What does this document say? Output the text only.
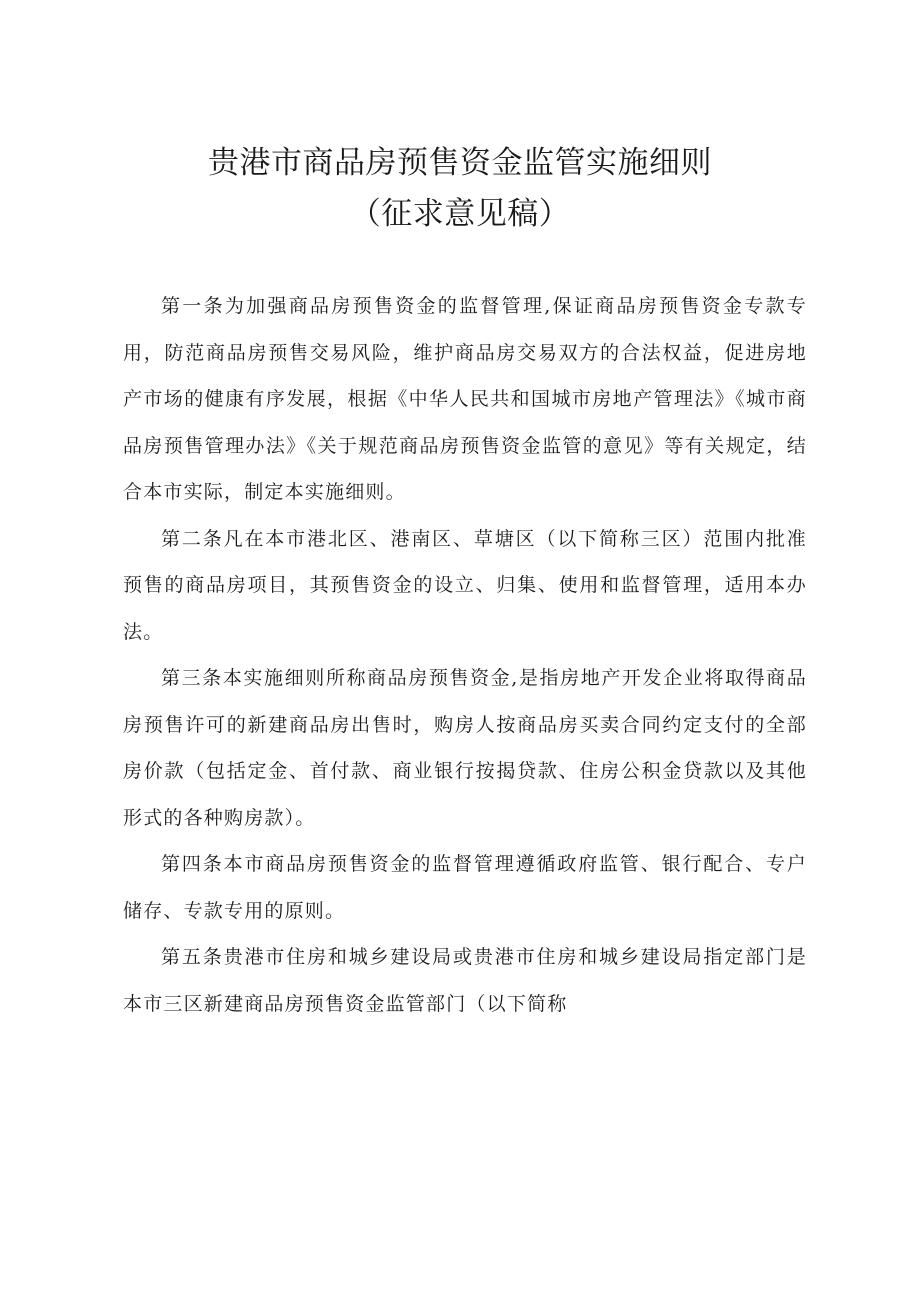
贵港市商品房预售资金监管实施细则
（征求意见稿）

第一条为加强商品房预售资金的监督管理,保证商品房预售资金专款专用，防范商品房预售交易风险，维护商品房交易双方的合法权益，促进房地产市场的健康有序发展，根据《中华人民共和国城市房地产管理法》《城市商品房预售管理办法》《关于规范商品房预售资金监管的意见》等有关规定，结合本市实际，制定本实施细则。

第二条凡在本市港北区、港南区、草塘区（以下简称三区）范围内批准预售的商品房项目，其预售资金的设立、归集、使用和监督管理，适用本办法。

第三条本实施细则所称商品房预售资金,是指房地产开发企业将取得商品房预售许可的新建商品房出售时，购房人按商品房买卖合同约定支付的全部房价款（包括定金、首付款、商业银行按揭贷款、住房公积金贷款以及其他形式的各种购房款）。

第四条本市商品房预售资金的监督管理遵循政府监管、银行配合、专户储存、专款专用的原则。

第五条贵港市住房和城乡建设局或贵港市住房和城乡建设局指定部门是本市三区新建商品房预售资金监管部门（以下简称
